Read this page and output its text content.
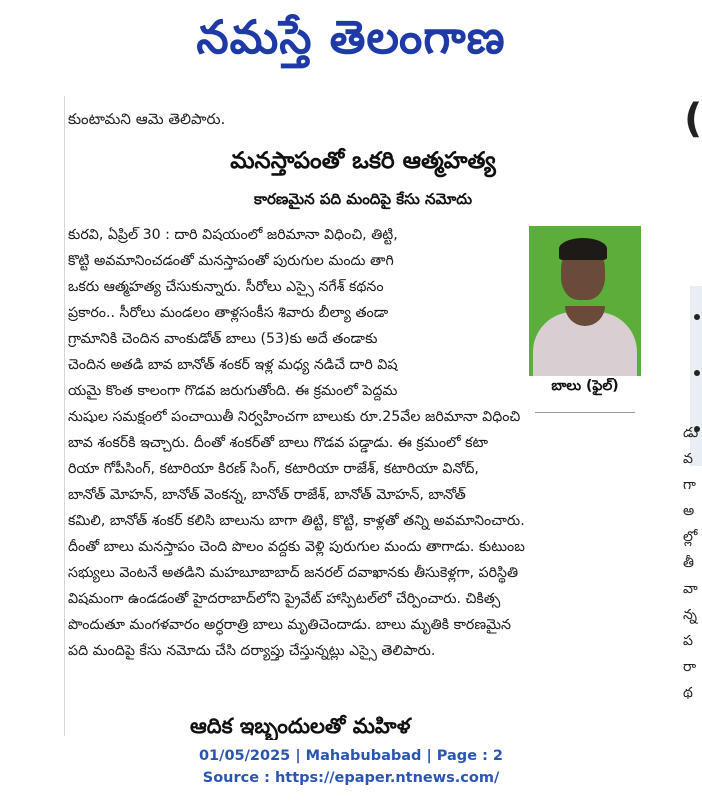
నమస్తే తెలంగాణ
కుంటామని ఆమె తెలిపారు.
మనస్తాపంతో ఒకరి ఆత్మహత్య
కారణమైన పది మందిపై కేసు నమోదు
కురవి, ఏప్రిల్ 30 : దారి విషయంలో జరిమానా విధించి, తిట్టి,
కొట్టి అవమానించడంతో మనస్తాపంతో పురుగుల మందు తాగి
ఒకరు ఆత్మహత్య చేసుకున్నారు. సీరోలు ఎస్సై నగేశ్ కథనం
ప్రకారం.. సీరోలు మండలం తాళ్లసంకీస శివారు బీల్యా తండా
గ్రామానికి చెందిన వాంకుడోత్ బాలు (53)కు అదే తండాకు
చెందిన అతడి బావ బానోత్ శంకర్ ఇళ్ల మధ్య నడిచే దారి విష
యమై కొంత కాలంగా గొడవ జరుగుతోంది. ఈ క్రమంలో పెద్దమ
నుషుల సమక్షంలో పంచాయితీ నిర్వహించగా బాలుకు రూ.25వేల జరిమానా విధించి
బావ శంకర్‌కి ఇచ్చారు. దీంతో శంకర్‌తో బాలు గొడవ పడ్డాడు. ఈ క్రమంలో కటా
రియా గోపీసింగ్, కటారియా కిరణ్ సింగ్, కటారియా రాజేశ్, కటారియా వినోద్,
బానోత్ మోహన్, బానోత్ వెంకన్న, బానోత్ రాజేశ్, బానోత్ మోహన్, బానోత్
కమిలి, బానోత్ శంకర్ కలిసి బాలును బాగా తిట్టి, కొట్టి, కాళ్లతో తన్ని అవమానించారు.
దీంతో బాలు మనస్తాపం చెంది పొలం వద్దకు వెళ్లి పురుగుల మందు తాగాడు. కుటుంబ
సభ్యులు వెంటనే అతడిని మహబూబాబాద్ జనరల్ దవాఖానకు తీసుకెళ్లగా, పరిస్థితి
విషమంగా ఉండడంతో హైదరాబాద్‌లోని ప్రైవేట్ హాస్పిటల్‌లో చేర్పించారు. చికిత్స
పొందుతూ మంగళవారం అర్ధరాత్రి బాలు మృతిచెందాడు. బాలు మృతికి కారణమైన
పది మందిపై కేసు నమోదు చేసి దర్యాప్తు చేస్తున్నట్లు ఎస్సై తెలిపారు.
బాలు (ఫైల్)
ఆదిక ఇబ్బందులతో మహిళ
(
డు
వ
గా
అ
ల్లో
తీ
వా
న్న
ప
రా
థ
01/05/2025 | Mahabubabad | Page : 2
Source : https://epaper.ntnews.com/
